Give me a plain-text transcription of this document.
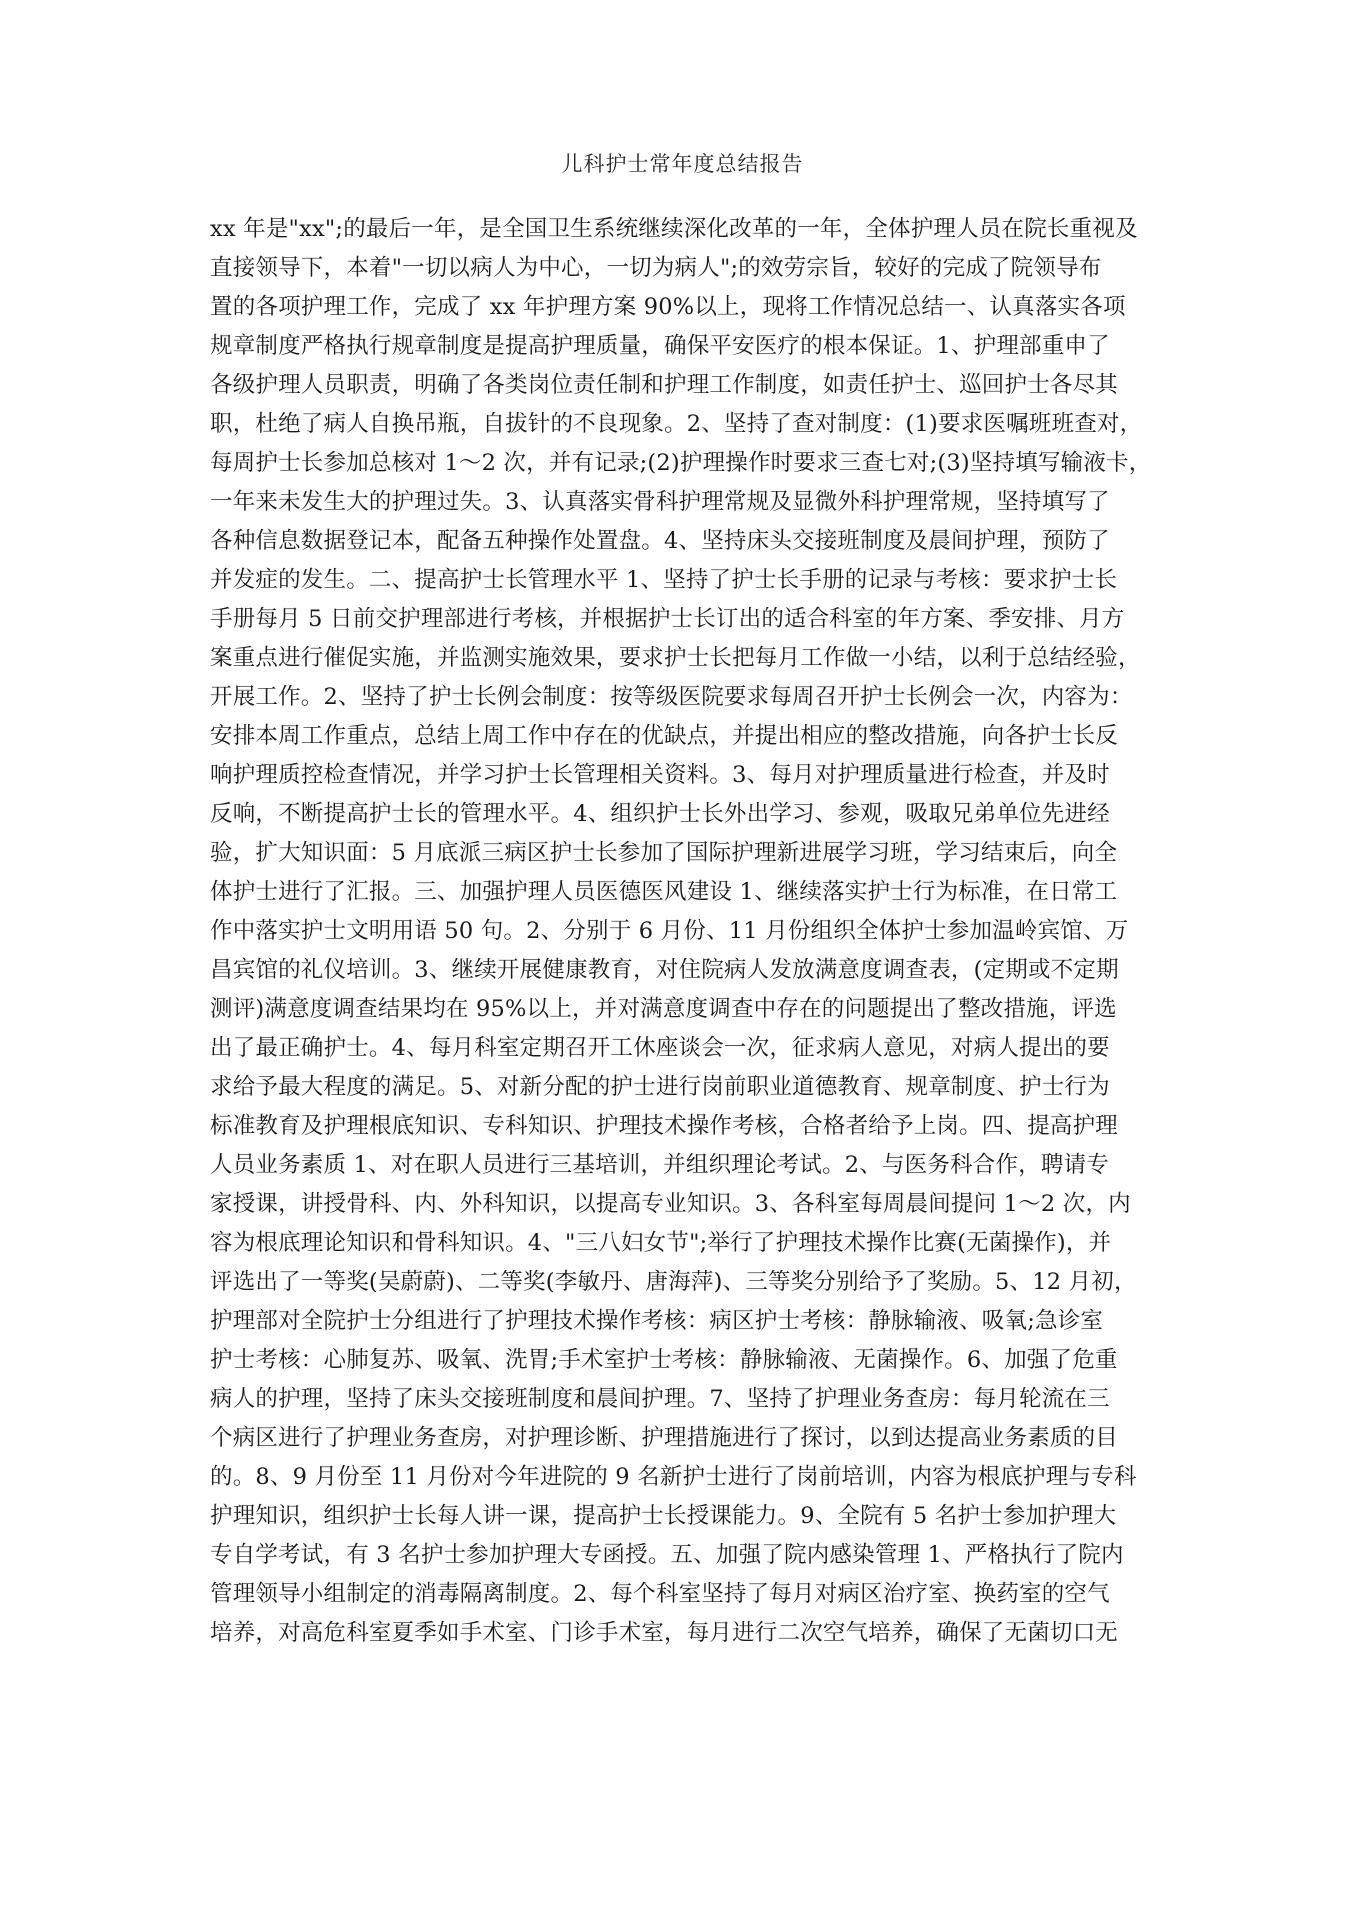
儿科护士常年度总结报告
xx 年是"xx";的最后一年，是全国卫生系统继续深化改革的一年，全体护理人员在院长重视及
直接领导下，本着"一切以病人为中心，一切为病人";的效劳宗旨，较好的完成了院领导布
置的各项护理工作，完成了 xx 年护理方案 90%以上，现将工作情况总结一、认真落实各项
规章制度严格执行规章制度是提高护理质量，确保平安医疗的根本保证。1、护理部重申了
各级护理人员职责，明确了各类岗位责任制和护理工作制度，如责任护士、巡回护士各尽其
职，杜绝了病人自换吊瓶，自拔针的不良现象。2、坚持了查对制度：(1)要求医嘱班班查对，
每周护士长参加总核对 1～2 次，并有记录;(2)护理操作时要求三查七对;(3)坚持填写输液卡，
一年来未发生大的护理过失。3、认真落实骨科护理常规及显微外科护理常规，坚持填写了
各种信息数据登记本，配备五种操作处置盘。4、坚持床头交接班制度及晨间护理，预防了
并发症的发生。二、提高护士长管理水平 1、坚持了护士长手册的记录与考核：要求护士长
手册每月 5 日前交护理部进行考核，并根据护士长订出的适合科室的年方案、季安排、月方
案重点进行催促实施，并监测实施效果，要求护士长把每月工作做一小结，以利于总结经验，
开展工作。2、坚持了护士长例会制度：按等级医院要求每周召开护士长例会一次，内容为：
安排本周工作重点，总结上周工作中存在的优缺点，并提出相应的整改措施，向各护士长反
响护理质控检查情况，并学习护士长管理相关资料。3、每月对护理质量进行检查，并及时
反响，不断提高护士长的管理水平。4、组织护士长外出学习、参观，吸取兄弟单位先进经
验，扩大知识面：5 月底派三病区护士长参加了国际护理新进展学习班，学习结束后，向全
体护士进行了汇报。三、加强护理人员医德医风建设 1、继续落实护士行为标准，在日常工
作中落实护士文明用语 50 句。2、分别于 6 月份、11 月份组织全体护士参加温岭宾馆、万
昌宾馆的礼仪培训。3、继续开展健康教育，对住院病人发放满意度调查表，(定期或不定期
测评)满意度调查结果均在 95%以上，并对满意度调查中存在的问题提出了整改措施，评选
出了最正确护士。4、每月科室定期召开工休座谈会一次，征求病人意见，对病人提出的要
求给予最大程度的满足。5、对新分配的护士进行岗前职业道德教育、规章制度、护士行为
标准教育及护理根底知识、专科知识、护理技术操作考核，合格者给予上岗。四、提高护理
人员业务素质 1、对在职人员进行三基培训，并组织理论考试。2、与医务科合作，聘请专
家授课，讲授骨科、内、外科知识，以提高专业知识。3、各科室每周晨间提问 1～2 次，内
容为根底理论知识和骨科知识。4、"三八妇女节";举行了护理技术操作比赛(无菌操作)，并
评选出了一等奖(吴蔚蔚)、二等奖(李敏丹、唐海萍)、三等奖分别给予了奖励。5、12 月初，
护理部对全院护士分组进行了护理技术操作考核：病区护士考核：静脉输液、吸氧;急诊室
护士考核：心肺复苏、吸氧、洗胃;手术室护士考核：静脉输液、无菌操作。6、加强了危重
病人的护理，坚持了床头交接班制度和晨间护理。7、坚持了护理业务查房：每月轮流在三
个病区进行了护理业务查房，对护理诊断、护理措施进行了探讨，以到达提高业务素质的目
的。8、9 月份至 11 月份对今年进院的 9 名新护士进行了岗前培训，内容为根底护理与专科
护理知识，组织护士长每人讲一课，提高护士长授课能力。9、全院有 5 名护士参加护理大
专自学考试，有 3 名护士参加护理大专函授。五、加强了院内感染管理 1、严格执行了院内
管理领导小组制定的消毒隔离制度。2、每个科室坚持了每月对病区治疗室、换药室的空气
培养，对高危科室夏季如手术室、门诊手术室，每月进行二次空气培养，确保了无菌切口无
